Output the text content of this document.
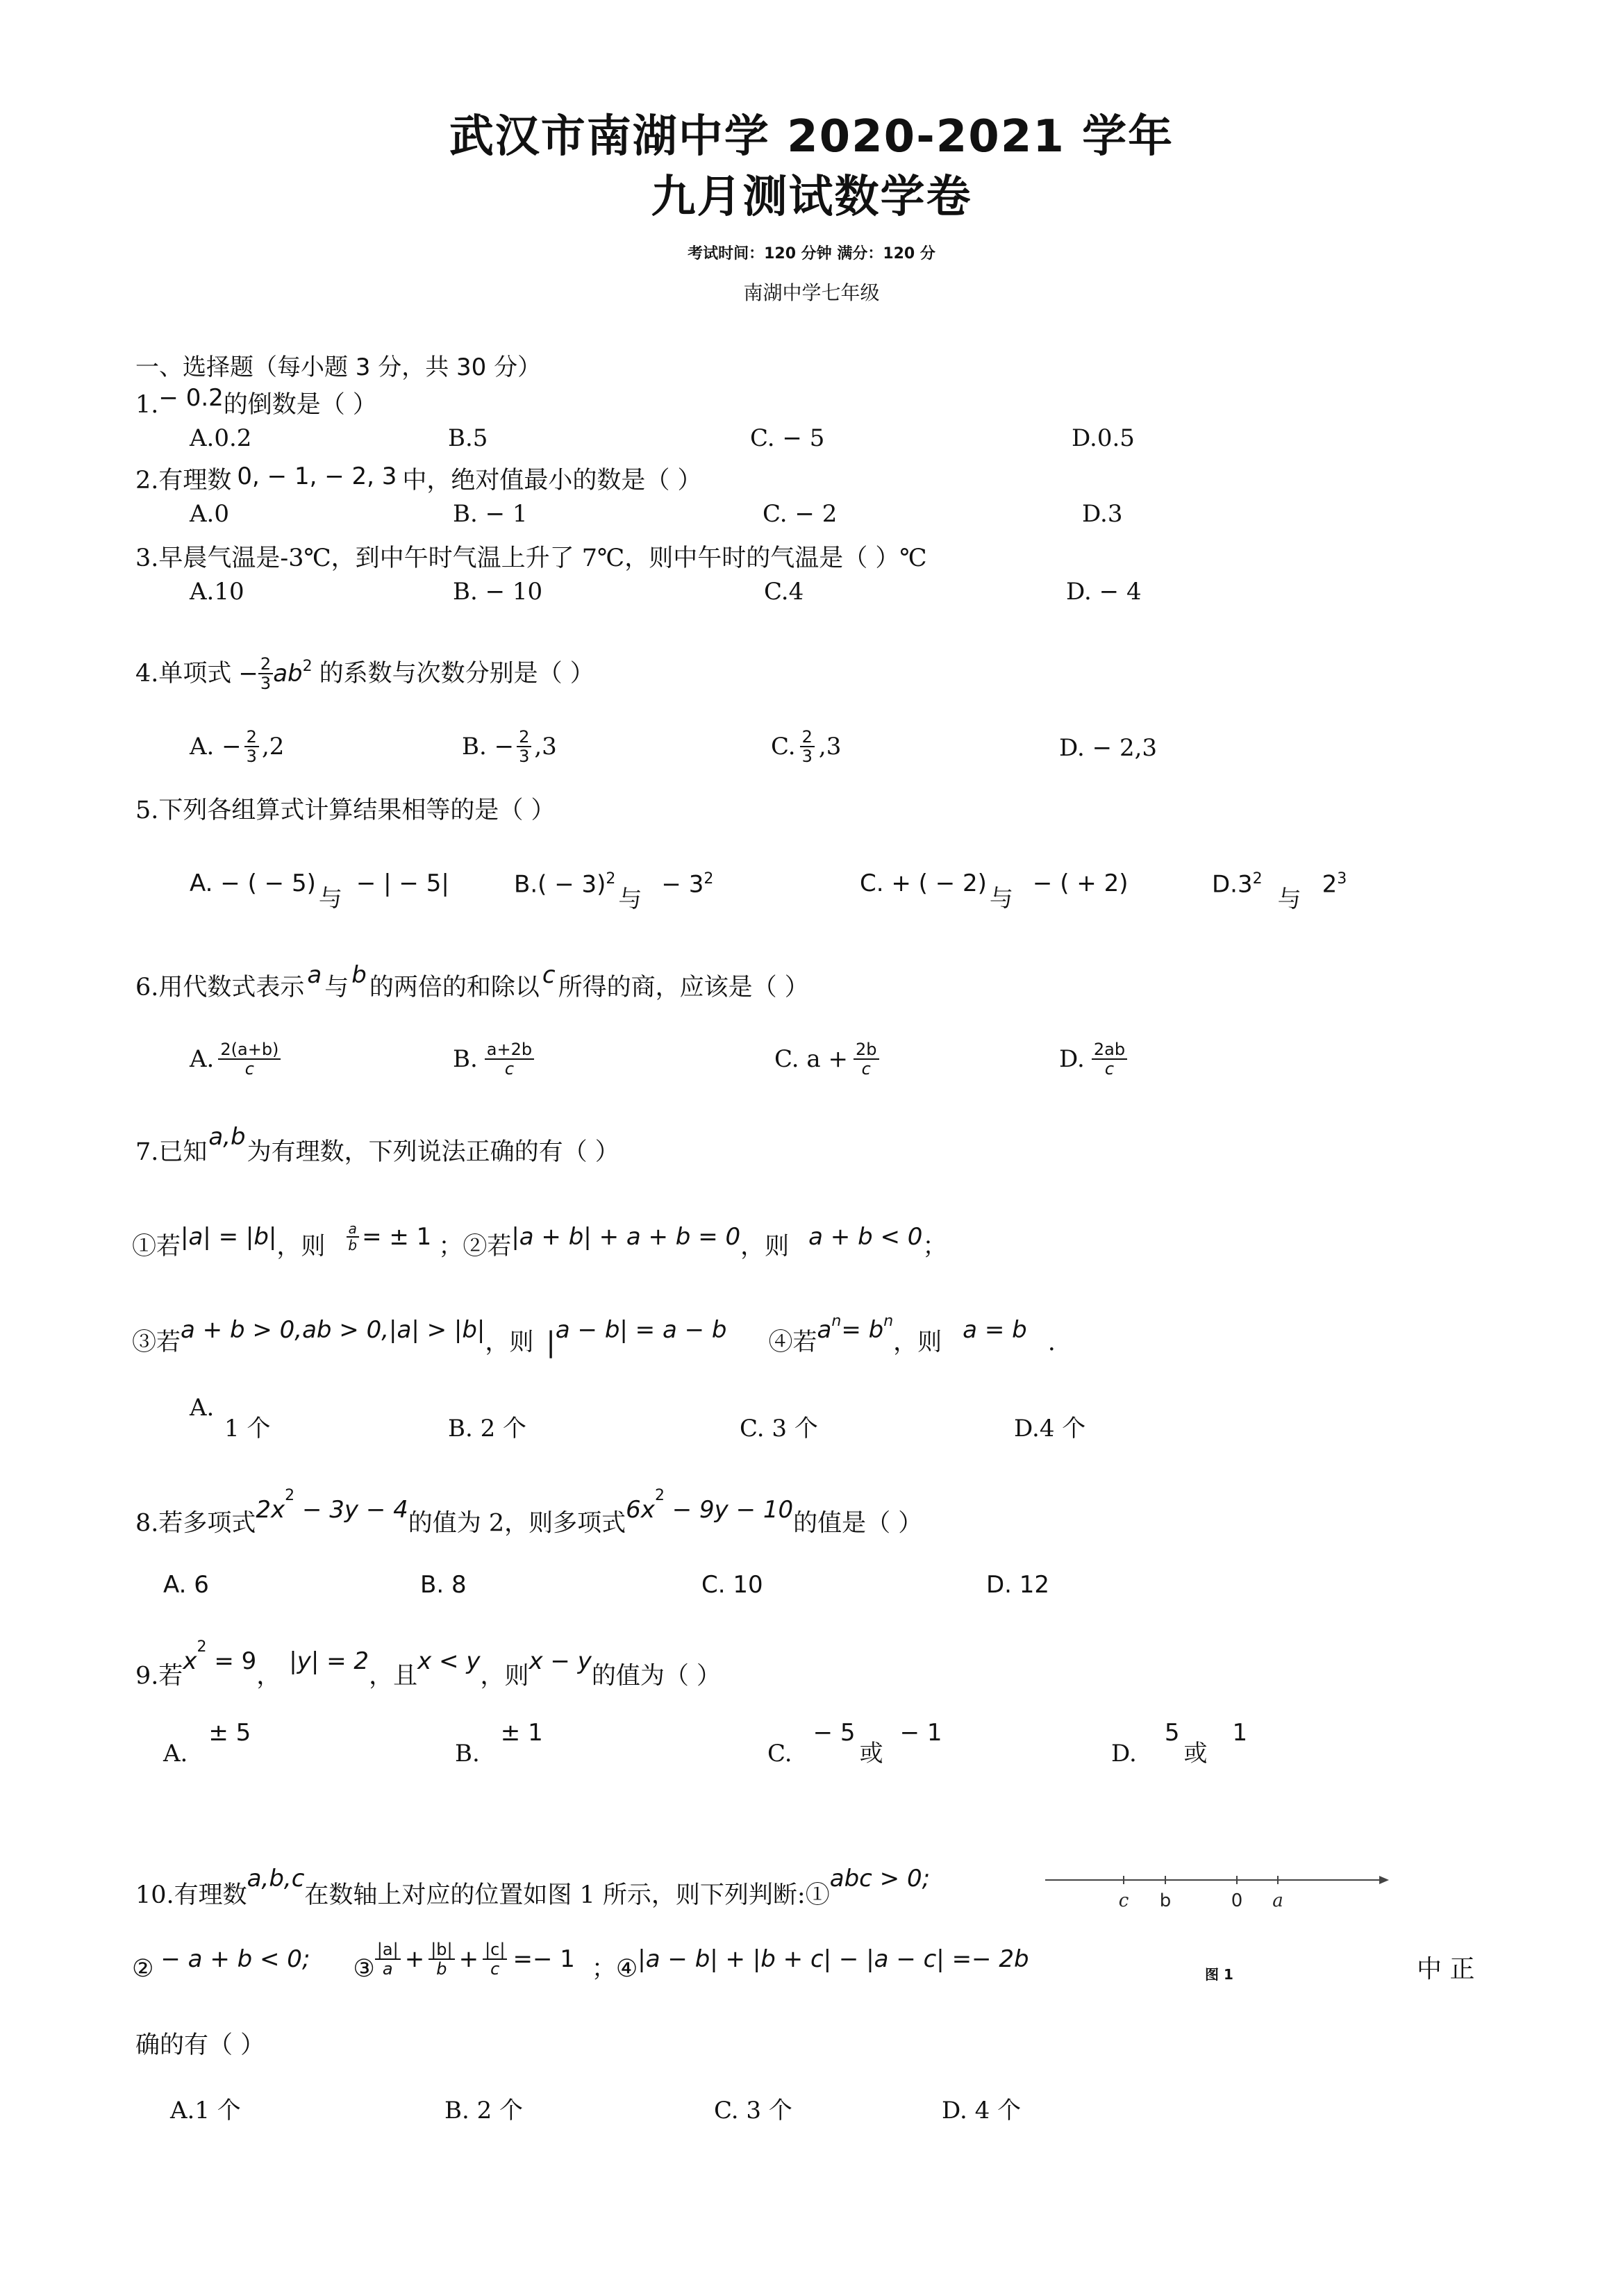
武汉市南湖中学 2020-2021 学年
九月测试数学卷
考试时间：120 分钟 满分：120 分
南湖中学七年级
一、选择题（每小题 3 分，共 30 分）
1.− 0.2的倒数是（ ）
A.0.2	B.5	C. − 5	D.0.5
2.有理数 0, − 1, − 2, 3 中，绝对值最小的数是（ ）
A.0	B. − 1	C. − 2	D.3
3.早晨气温是-3℃，到中午时气温上升了 7℃，则中午时的气温是（ ）℃
A.10	B. − 10	C.4	D. − 4
4.单项式 − $\frac{2}{3} ab^2$ 的系数与次数分别是（ ）
A. − $\frac{2}{3} ,2$	B. − $\frac{2}{3} ,3$	C. $\frac{2}{3} ,3$	D. − 2,3
5.下列各组算式计算结果相等的是（ ）
A. − ( − 5)与− | − 5|	$B.( - 3)^2$与− $3^2$	C. + ( − 2)与− ( + 2)	$D.3^2$与$2^3$
6.用代数式表示 a 与 b 的两倍的和除以 c 所得的商，应该是（ ）
A. $\frac{2(a+b)}{c}$	B. $\frac{a+2b}{c}$	C. $a + \frac{2b}{c}$	D. $\frac{2ab}{c}$
7.已知a,b为有理数，下列说法正确的有（ ）
①若 |a| = |b| ，则 $\frac{a}{b}$ = ± 1 ；②若 |a + b| + a + b = 0 ，则 a + b < 0 ；
③若 a + b > 0,ab > 0,|a| > |b| ，则 | a − b| = a − b ④若 $a^n = b^n$
，则 a = b .
A.
1 个	B. 2 个	C. 3 个	D.4 个
8.若多项式$2x^2 - 3y - 4$的值为 2，则多项式$6x^2 - 9y - 10$的值是（ ）
A. 6	B. 8	C. 10	D. 12
9.若$x^2 = 9$，|y| = 2，且x < y，则x − y的值为（ ）
A.± 5
B.± 1
C.− 5或− 1
D.5或1
10.有理数a,b,c在数轴上对应的位置如图 1 所示，则下列判断:①abc > 0;
c b	0 a
② − a + b < 0; ③ $\frac{|a|}{a} + \frac{|b|}{b} + \frac{|c|}{c} =- 1$ ； ④ |a − b| + |b + c| − |a − c| =− 2b
图 1	中 正
确的有（ ）
A.1 个	B. 2 个	C. 3 个	D. 4 个
